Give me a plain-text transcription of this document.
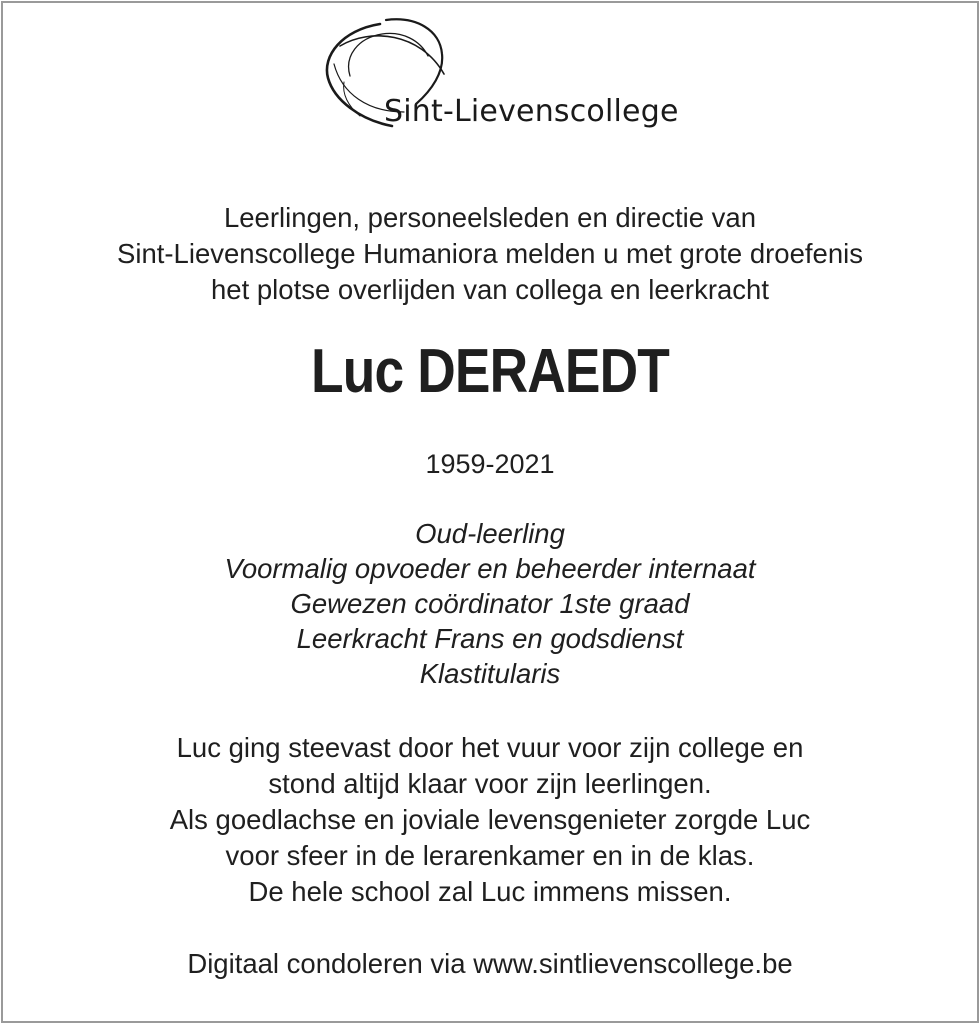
Sint-Lievenscollege
Leerlingen, personeelsleden en directie van
Sint-Lievenscollege Humaniora melden u met grote droefenis
het plotse overlijden van collega en leerkracht
Luc DERAEDT
1959-2021
Oud-leerling
Voormalig opvoeder en beheerder internaat
Gewezen coördinator 1ste graad
Leerkracht Frans en godsdienst
Klastitularis
Luc ging steevast door het vuur voor zijn college en
stond altijd klaar voor zijn leerlingen.
Als goedlachse en joviale levensgenieter zorgde Luc
voor sfeer in de lerarenkamer en in de klas.
De hele school zal Luc immens missen.
Digitaal condoleren via www.sintlievenscollege.be
